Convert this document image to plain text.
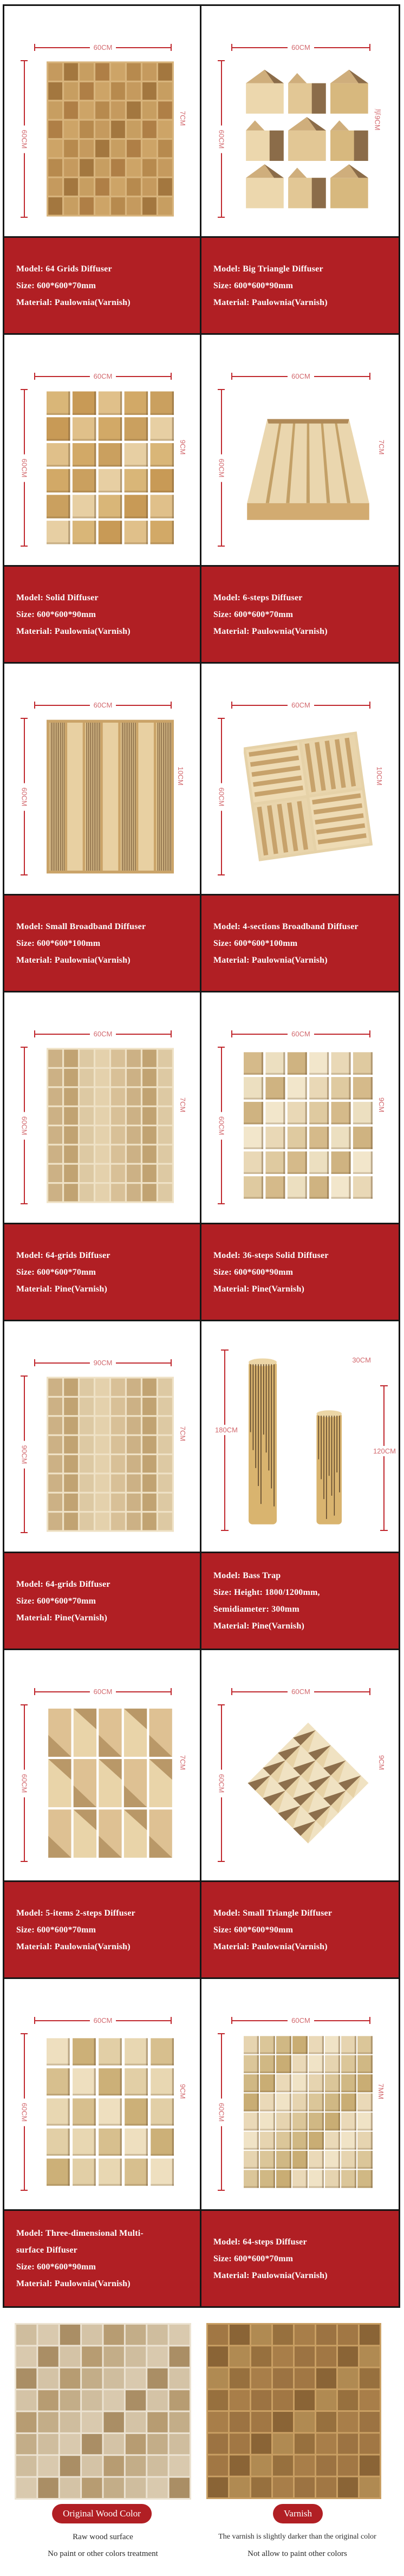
60CM
60CM
7CM
60CM
60CM
厚9CM
Model: 64 Grids Diffuser
Size: 600*600*70mm
Material: Paulownia(Varnish)
Model: Big Triangle Diffuser
Size: 600*600*90mm
Material: Paulownia(Varnish)
60CM
60CM
9CM
60CM
60CM
7CM
Model: Solid Diffuser
Size: 600*600*90mm
Material: Paulownia(Varnish)
Model: 6-steps Diffuser
Size: 600*600*70mm
Material: Paulownia(Varnish)
60CM
60CM
10CM
60CM
60CM
10CM
Model: Small Broadband Diffuser
Size: 600*600*100mm
Material: Paulownia(Varnish)
Model: 4-sections Broadband Diffuser
Size: 600*600*100mm
Material: Paulownia(Varnish)
60CM
60CM
7CM
60CM
60CM
9CM
Model: 64-grids Diffuser
Size: 600*600*70mm
Material: Pine(Varnish)
Model: 36-steps Solid Diffuser
Size: 600*600*90mm
Material: Pine(Varnish)
90CM
90CM
7CM	180CM
30CM
120CM
Model: 64-grids Diffuser
Size: 600*600*70mm
Material: Pine(Varnish)
Model: Bass Trap
Size: Height: 1800/1200mm,
Semidiameter: 300mm
Material: Pine(Varnish)
60CM
60CM
7CM
60CM
60CM
9CM
Model: 5-items 2-steps Diffuser
Size: 600*600*70mm
Material: Paulownia(Varnish)
Model: Small Triangle Diffuser
Size: 600*600*90mm
Material: Paulownia(Varnish)
60CM
60CM
9CM
60CM
60CM
7MM
Model: Three-dimensional Multi-surface Diffuser
Size: 600*600*90mm
Material: Paulownia(Varnish)
Model: 64-steps Diffuser
Size: 600*600*70mm
Material: Paulownia(Varnish)
Original Wood Color	Varnish
Raw wood surface
No paint or other colors treatment
The varnish is slightly darker than the original color
Not allow to paint other colors
